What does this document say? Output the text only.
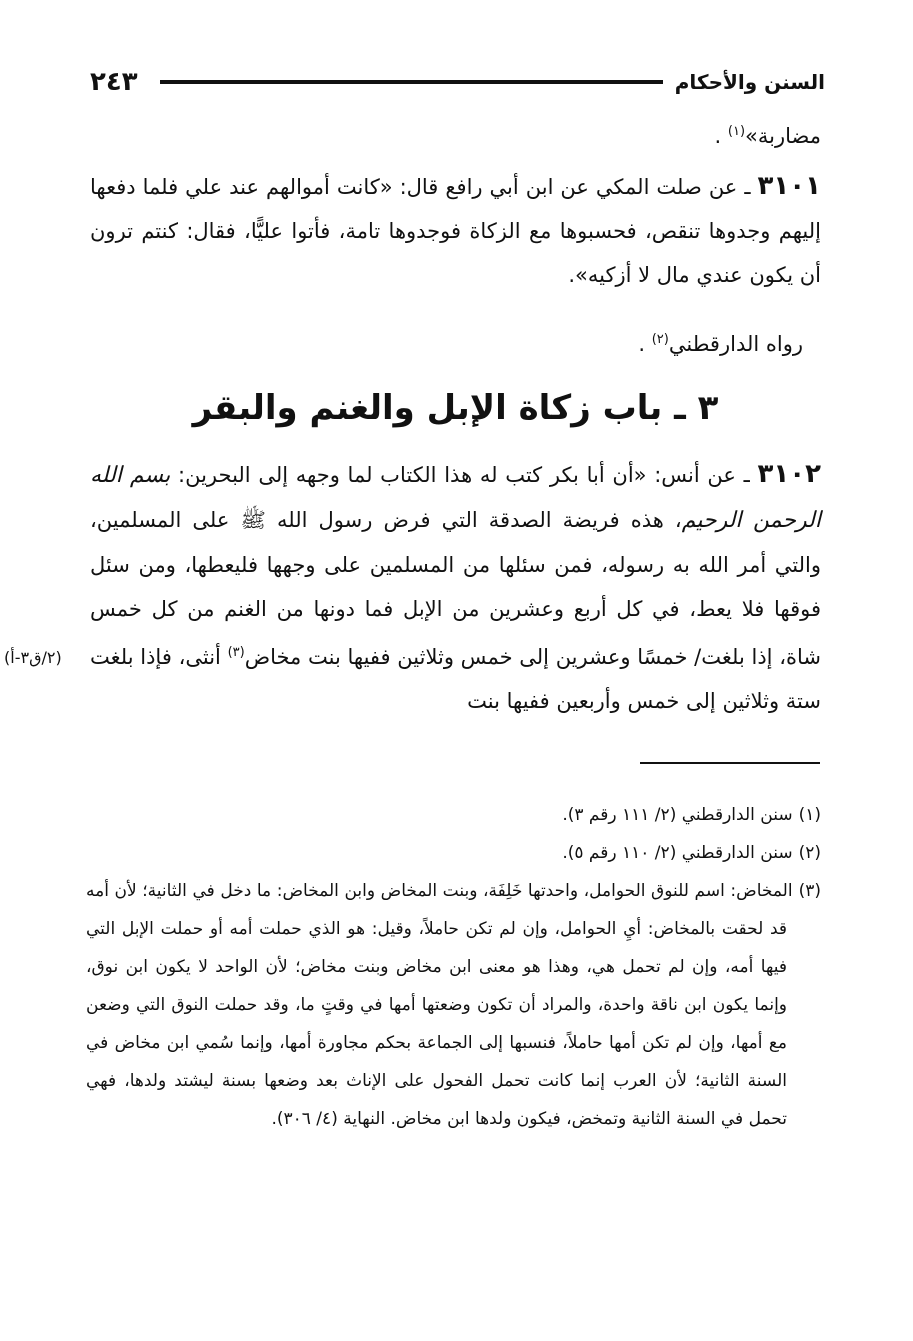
٢٤٣	السنن والأحكام
مضاربة»$^{(١)}$ .
٣١٠١ ـ عن صلت المكي عن ابن أبي رافع قال: «كانت أموالهم عند علي فلما دفعها إليهم وجدوها تنقص، فحسبوها مع الزكاة فوجدوها تامة، فأتوا عليًّا، فقال: كنتم ترون أن يكون عندي مال لا أزكيه».
رواه الدارقطني$^{(٢)}$ .
٣ ـ باب زكاة الإبل والغنم والبقر
٣١٠٢ ـ عن أنس: «أن أبا بكر كتب له هذا الكتاب لما وجهه إلى البحرين: بسم الله الرحمن الرحيم، هذه فريضة الصدقة التي فرض رسول الله ﷺ على المسلمين، والتي أمر الله به رسوله، فمن سئلها من المسلمين على وجهها فليعطها، ومن سئل فوقها فلا يعط، في كل أربع وعشرين من الإبل فما دونها من الغنم من كل خمس شاة، إذا بلغت/ خمسًا وعشرين إلى خمس وثلاثين ففيها بنت مخاض$^{(٣)}$ أنثى، فإذا بلغت ستة وثلاثين إلى خمس وأربعين ففيها بنت
(٢/ق٣-أ)

(١)سنن الدارقطني (٢/ ١١١ رقم ٣).

(٢)سنن الدارقطني (٢/ ١١٠ رقم ٥).

(٣)المخاض: اسم للنوق الحوامل، واحدتها خَلِفَة، وبنت المخاض وابن المخاض: ما دخل في الثانية؛ لأن أمه قد لحقت بالمخاض: أيِ الحوامل، وإن لم تكن حاملاً، وقيل: هو الذي حملت أمه أو حملت الإبل التي فيها أمه، وإن لم تحمل هي، وهذا هو معنى ابن مخاض وبنت مخاض؛ لأن الواحد لا يكون ابن نوق، وإنما يكون ابن ناقة واحدة، والمراد أن تكون وضعتها أمها في وقتٍ ما، وقد حملت النوق التي وضعن مع أمها، وإن لم تكن أمها حاملاً، فنسبها إلى الجماعة بحكم مجاورة أمها، وإنما سُمي ابن مخاض في السنة الثانية؛ لأن العرب إنما كانت تحمل الفحول على الإناث بعد وضعها بسنة ليشتد ولدها، فهي تحمل في السنة الثانية وتمخض، فيكون ولدها ابن مخاض. النهاية (٤/ ٣٠٦).
